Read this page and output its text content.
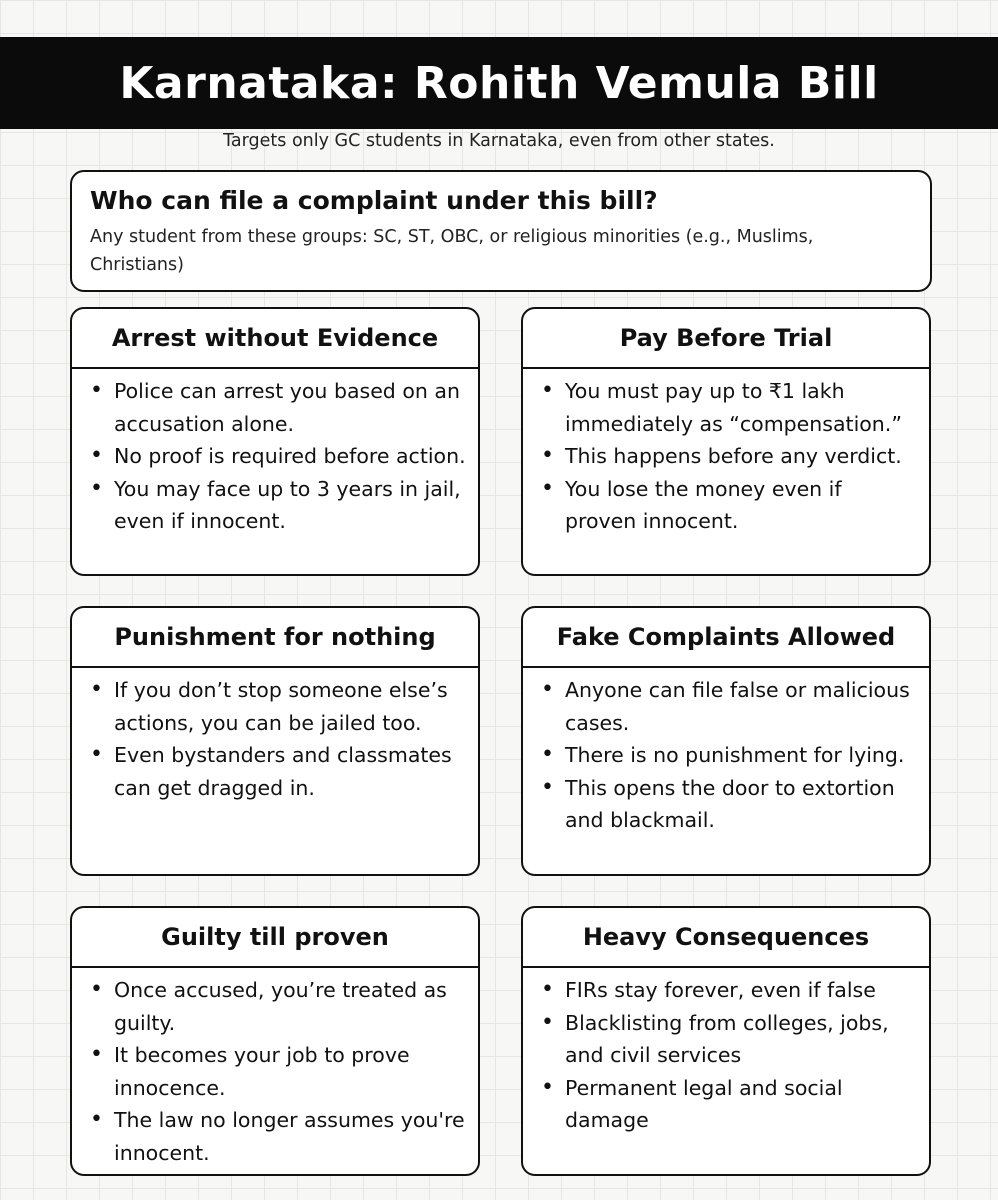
Karnataka: Rohith Vemula Bill
Targets only GC students in Karnataka, even from other states.
Who can file a complaint under this bill?

Any student from these groups: SC, ST, OBC, or religious minorities (e.g., Muslims, Christians)

Arrest without Evidence
• Police can arrest you based on an accusation alone.
• No proof is required before action.
• You may face up to 3 years in jail, even if innocent.
Pay Before Trial
• You must pay up to ₹1 lakh immediately as “compensation.”
• This happens before any verdict.
• You lose the money even if proven innocent.
Punishment for nothing
• If you don’t stop someone else’s actions, you can be jailed too.
• Even bystanders and classmates can get dragged in.
Fake Complaints Allowed
• Anyone can file false or malicious cases.
• There is no punishment for lying.
• This opens the door to extortion and blackmail.
Guilty till proven
• Once accused, you’re treated as guilty.
• It becomes your job to prove innocence.
• The law no longer assumes you're innocent.
Heavy Consequences
• FIRs stay forever, even if false
• Blacklisting from colleges, jobs, and civil services
• Permanent legal and social damage
